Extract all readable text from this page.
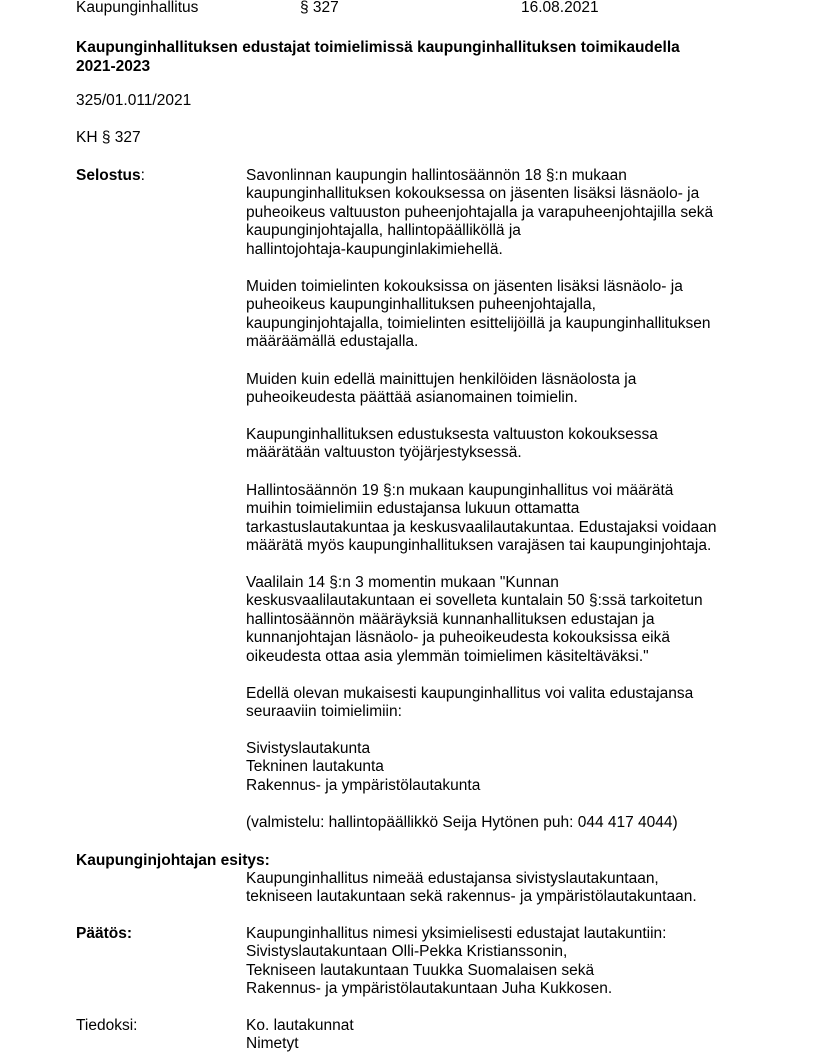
Kaupunginhallitus	§ 327	16.08.2021
Kaupunginhallituksen edustajat toimielimissä kaupunginhallituksen toimikaudella
2021-2023
325/01.011/2021
KH § 327
Selostus:	Savonlinnan kaupungin hallintosäännön 18 §:n mukaan
kaupunginhallituksen kokouksessa on jäsenten lisäksi läsnäolo- ja
puheoikeus valtuuston puheenjohtajalla ja varapuheenjohtajilla sekä
kaupunginjohtajalla, hallintopäälliköllä ja
hallintojohtaja-kaupunginlakimiehellä.
Muiden toimielinten kokouksissa on jäsenten lisäksi läsnäolo- ja
puheoikeus kaupunginhallituksen puheenjohtajalla,
kaupunginjohtajalla, toimielinten esittelijöillä ja kaupunginhallituksen
määräämällä edustajalla.
Muiden kuin edellä mainittujen henkilöiden läsnäolosta ja
puheoikeudesta päättää asianomainen toimielin.
Kaupunginhallituksen edustuksesta valtuuston kokouksessa
määrätään valtuuston työjärjestyksessä.
Hallintosäännön 19 §:n mukaan kaupunginhallitus voi määrätä
muihin toimielimiin edustajansa lukuun ottamatta
tarkastuslautakuntaa ja keskusvaalilautakuntaa. Edustajaksi voidaan
määrätä myös kaupunginhallituksen varajäsen tai kaupunginjohtaja.
Vaalilain 14 §:n 3 momentin mukaan "Kunnan
keskusvaalilautakuntaan ei sovelleta kuntalain 50 §:ssä tarkoitetun
hallintosäännön määräyksiä kunnanhallituksen edustajan ja
kunnanjohtajan läsnäolo- ja puheoikeudesta kokouksissa eikä
oikeudesta ottaa asia ylemmän toimielimen käsiteltäväksi."
Edellä olevan mukaisesti kaupunginhallitus voi valita edustajansa
seuraaviin toimielimiin:
Sivistyslautakunta
Tekninen lautakunta
Rakennus- ja ympäristölautakunta
(valmistelu: hallintopäällikkö Seija Hytönen puh: 044 417 4044)
Kaupunginjohtajan esitys:
Kaupunginhallitus nimeää edustajansa sivistyslautakuntaan,
tekniseen lautakuntaan sekä rakennus- ja ympäristölautakuntaan.
Päätös:	Kaupunginhallitus nimesi yksimielisesti edustajat lautakuntiin:
Sivistyslautakuntaan Olli-Pekka Kristianssonin,
Tekniseen lautakuntaan Tuukka Suomalaisen sekä
Rakennus- ja ympäristölautakuntaan Juha Kukkosen.
Tiedoksi:	Ko. lautakunnat
Nimetyt
